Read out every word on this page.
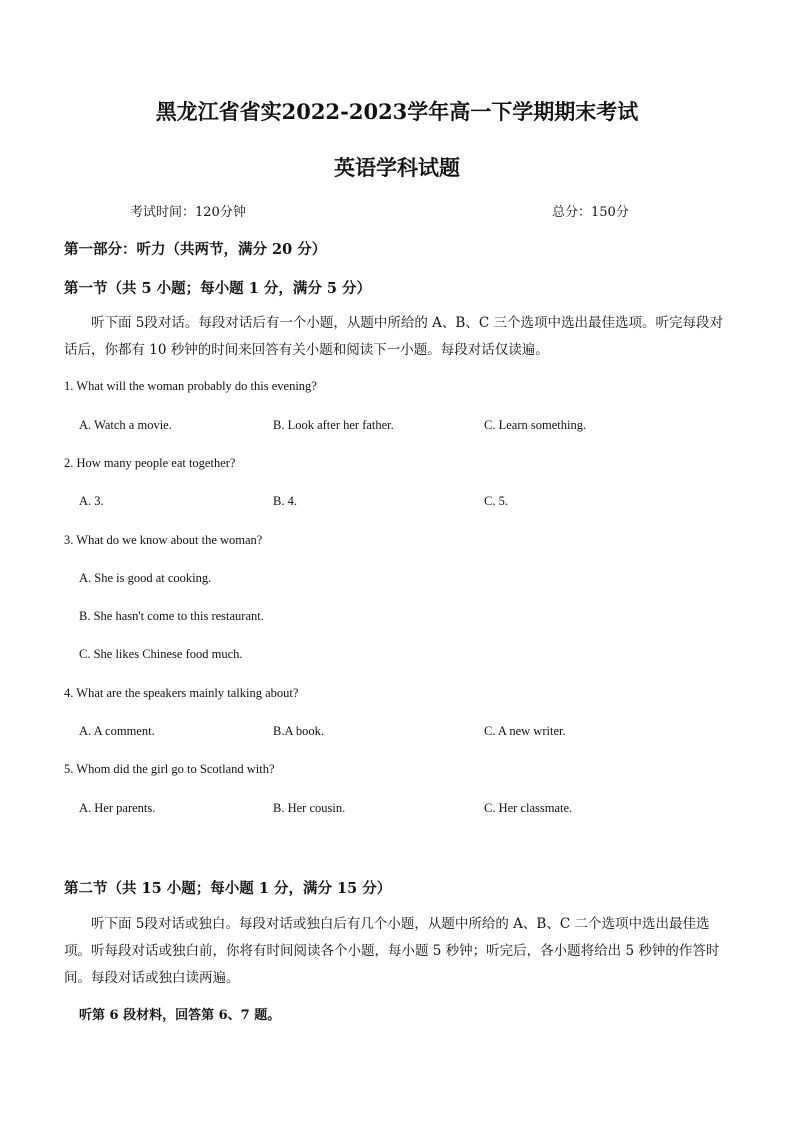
黑龙江省省实2022-2023学年高一下学期期末考试
英语学科试题
考试时间：120分钟	总分：150分
第一部分：听力（共两节，满分 20 分）
第一节（共 5 小题；每小题 1 分，满分 5 分）
听下面 5段对话。每段对话后有一个小题，从题中所给的 A、B、C 三个选项中选出最佳选项。听完每段对话后，你都有 10 秒钟的时间来回答有关小题和阅读下一小题。每段对话仅读遍。
1. What will the woman probably do this evening?
A. Watch a movie.	B. Look after her father.	C. Learn something.
2. How many people eat together?
A. 3.	B. 4.	C. 5.
3. What do we know about the woman?
A. She is good at cooking.
B. She hasn't come to this restaurant.
C. She likes Chinese food much.
4. What are the speakers mainly talking about?
A. A comment.	B.A book.	C. A new writer.
5. Whom did the girl go to Scotland with?
A. Her parents.	B. Her cousin.	C. Her classmate.
第二节（共 15 小题；每小题 1 分，满分 15 分）
听下面 5段对话或独白。每段对话或独白后有几个小题，从题中所给的 A、B、C 二个选项中选出最佳选项。听每段对话或独白前，你将有时间阅读各个小题，每小题 5 秒钟；听完后，各小题将给出 5 秒钟的作答时间。每段对话或独白读两遍。
听第 6 段材料，回答第 6、7 题。
